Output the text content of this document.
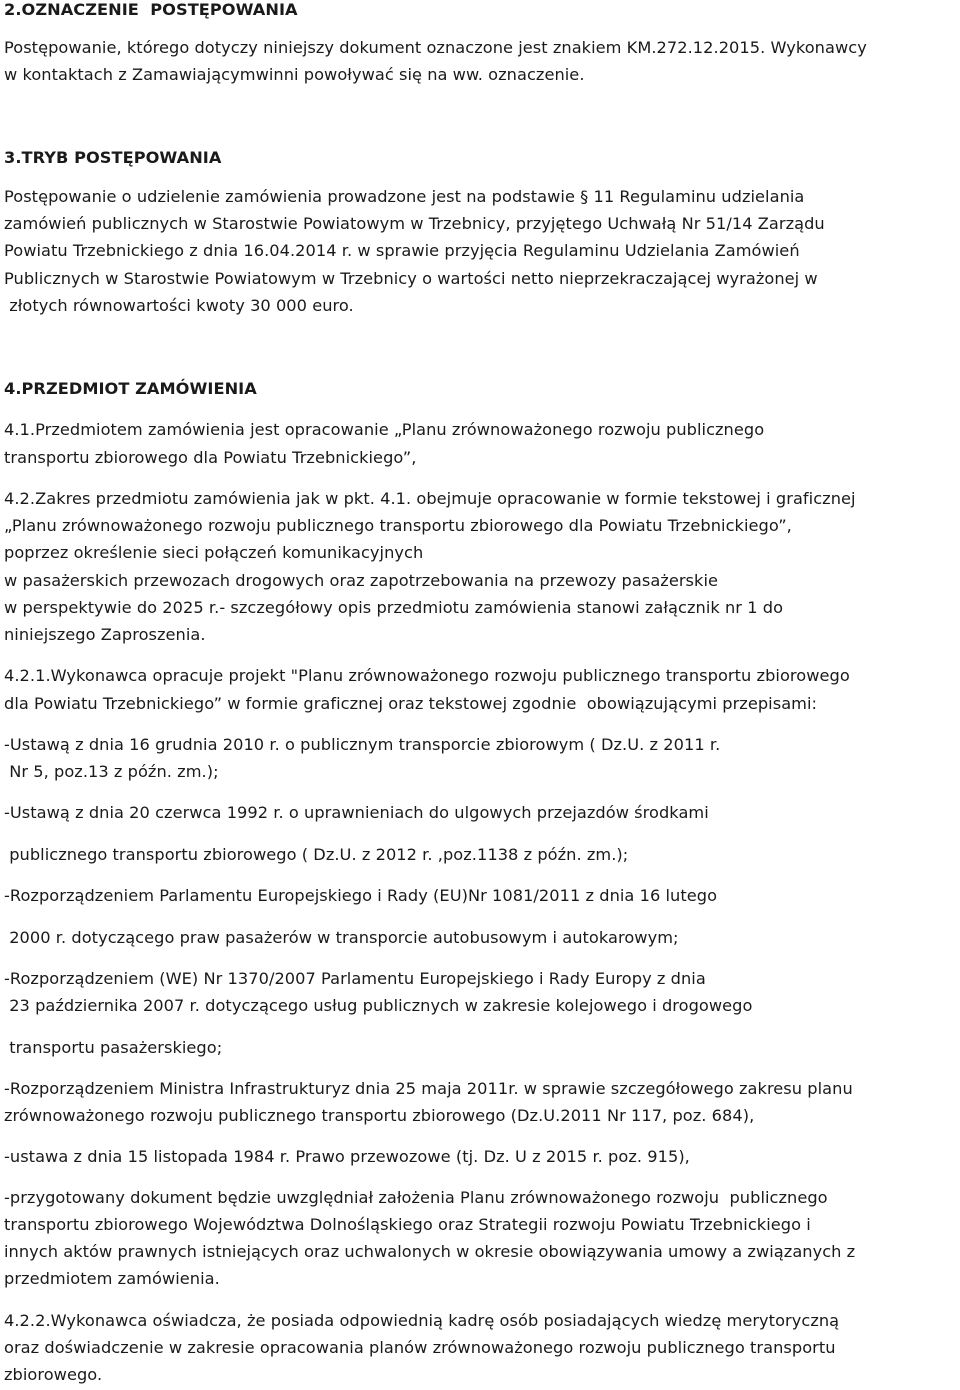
2.OZNACZENIE  POSTĘPOWANIA
Postępowanie, którego dotyczy niniejszy dokument oznaczone jest znakiem KM.272.12.2015. Wykonawcy
w kontaktach z Zamawiającymwinni powoływać się na ww. oznaczenie.
3.TRYB POSTĘPOWANIA
Postępowanie o udzielenie zamówienia prowadzone jest na podstawie § 11 Regulaminu udzielania
zamówień publicznych w Starostwie Powiatowym w Trzebnicy, przyjętego Uchwałą Nr 51/14 Zarządu
Powiatu Trzebnickiego z dnia 16.04.2014 r. w sprawie przyjęcia Regulaminu Udzielania Zamówień
Publicznych w Starostwie Powiatowym w Trzebnicy o wartości netto nieprzekraczającej wyrażonej w
złotych równowartości kwoty 30 000 euro.
4.PRZEDMIOT ZAMÓWIENIA
4.1.Przedmiotem zamówienia jest opracowanie „Planu zrównoważonego rozwoju publicznego
transportu zbiorowego dla Powiatu Trzebnickiego”,
4.2.Zakres przedmiotu zamówienia jak w pkt. 4.1. obejmuje opracowanie w formie tekstowej i graficznej
„Planu zrównoważonego rozwoju publicznego transportu zbiorowego dla Powiatu Trzebnickiego”,
poprzez określenie sieci połączeń komunikacyjnych
w pasażerskich przewozach drogowych oraz zapotrzebowania na przewozy pasażerskie
w perspektywie do 2025 r.- szczegółowy opis przedmiotu zamówienia stanowi załącznik nr 1 do
niniejszego Zaproszenia.
4.2.1.Wykonawca opracuje projekt "Planu zrównoważonego rozwoju publicznego transportu zbiorowego
dla Powiatu Trzebnickiego” w formie graficznej oraz tekstowej zgodnie  obowiązującymi przepisami:
-Ustawą z dnia 16 grudnia 2010 r. o publicznym transporcie zbiorowym ( Dz.U. z 2011 r.
Nr 5, poz.13 z późn. zm.);
-Ustawą z dnia 20 czerwca 1992 r. o uprawnieniach do ulgowych przejazdów środkami
publicznego transportu zbiorowego ( Dz.U. z 2012 r. ,poz.1138 z późn. zm.);
-Rozporządzeniem Parlamentu Europejskiego i Rady (EU)Nr 1081/2011 z dnia 16 lutego
2000 r. dotyczącego praw pasażerów w transporcie autobusowym i autokarowym;
-Rozporządzeniem (WE) Nr 1370/2007 Parlamentu Europejskiego i Rady Europy z dnia
23 października 2007 r. dotyczącego usług publicznych w zakresie kolejowego i drogowego
transportu pasażerskiego;
-Rozporządzeniem Ministra Infrastrukturyz dnia 25 maja 2011r. w sprawie szczegółowego zakresu planu
zrównoważonego rozwoju publicznego transportu zbiorowego (Dz.U.2011 Nr 117, poz. 684),
-ustawa z dnia 15 listopada 1984 r. Prawo przewozowe (tj. Dz. U z 2015 r. poz. 915),
-przygotowany dokument będzie uwzględniał założenia Planu zrównoważonego rozwoju  publicznego
transportu zbiorowego Województwa Dolnośląskiego oraz Strategii rozwoju Powiatu Trzebnickiego i
innych aktów prawnych istniejących oraz uchwalonych w okresie obowiązywania umowy a związanych z
przedmiotem zamówienia.
4.2.2.Wykonawca oświadcza, że posiada odpowiednią kadrę osób posiadających wiedzę merytoryczną
oraz doświadczenie w zakresie opracowania planów zrównoważonego rozwoju publicznego transportu
zbiorowego.
